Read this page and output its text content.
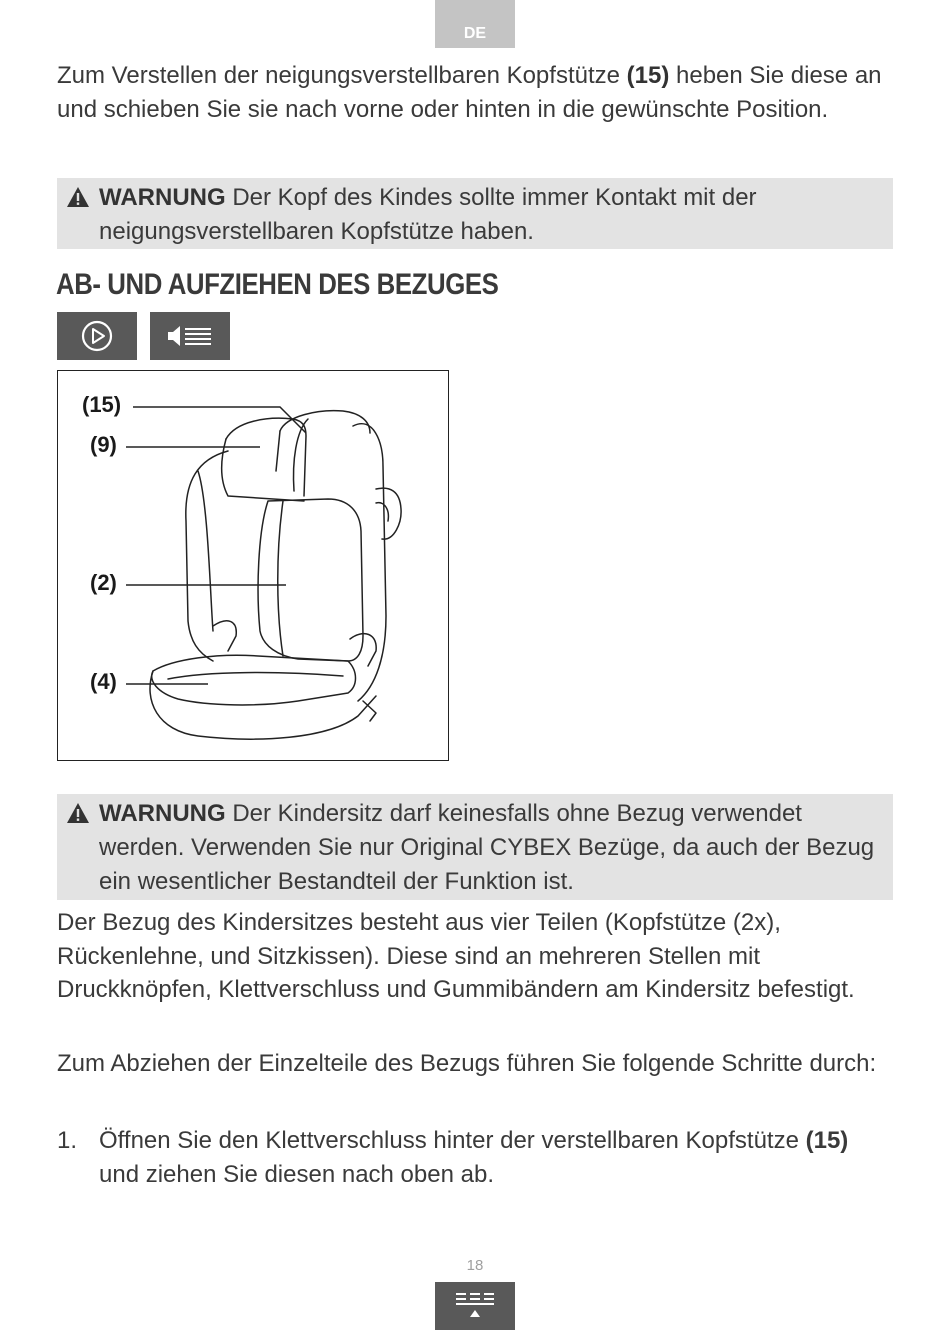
DE

Zum Verstellen der neigungsverstellbaren Kopfstütze (15) heben Sie diese an und schieben Sie sie nach vorne oder hinten in die gewünschte Position.

WARNUNG Der Kopf des Kindes sollte immer Kontakt mit der neigungsverstellbaren Kopfstütze haben.
AB- UND AUFZIEHEN DES BEZUGES
(15)
(9)
(2)
(4)
WARNUNG Der Kindersitz darf keinesfalls ohne Bezug verwendet werden. Verwenden Sie nur Original CYBEX Bezüge, da auch der Bezug ein wesentlicher Bestandteil der Funktion ist.

Der Bezug des Kindersitzes besteht aus vier Teilen (Kopfstütze (2x), Rückenlehne, und Sitzkissen). Diese sind an mehreren Stellen mit Druckknöpfen, Klettverschluss und Gummibändern am Kindersitz befestigt.

Zum Abziehen der Einzelteile des Bezugs führen Sie folgende Schritte durch:

1. Öffnen Sie den Klettverschluss hinter der verstellbaren Kopfstütze (15) und ziehen Sie diesen nach oben ab.
18
